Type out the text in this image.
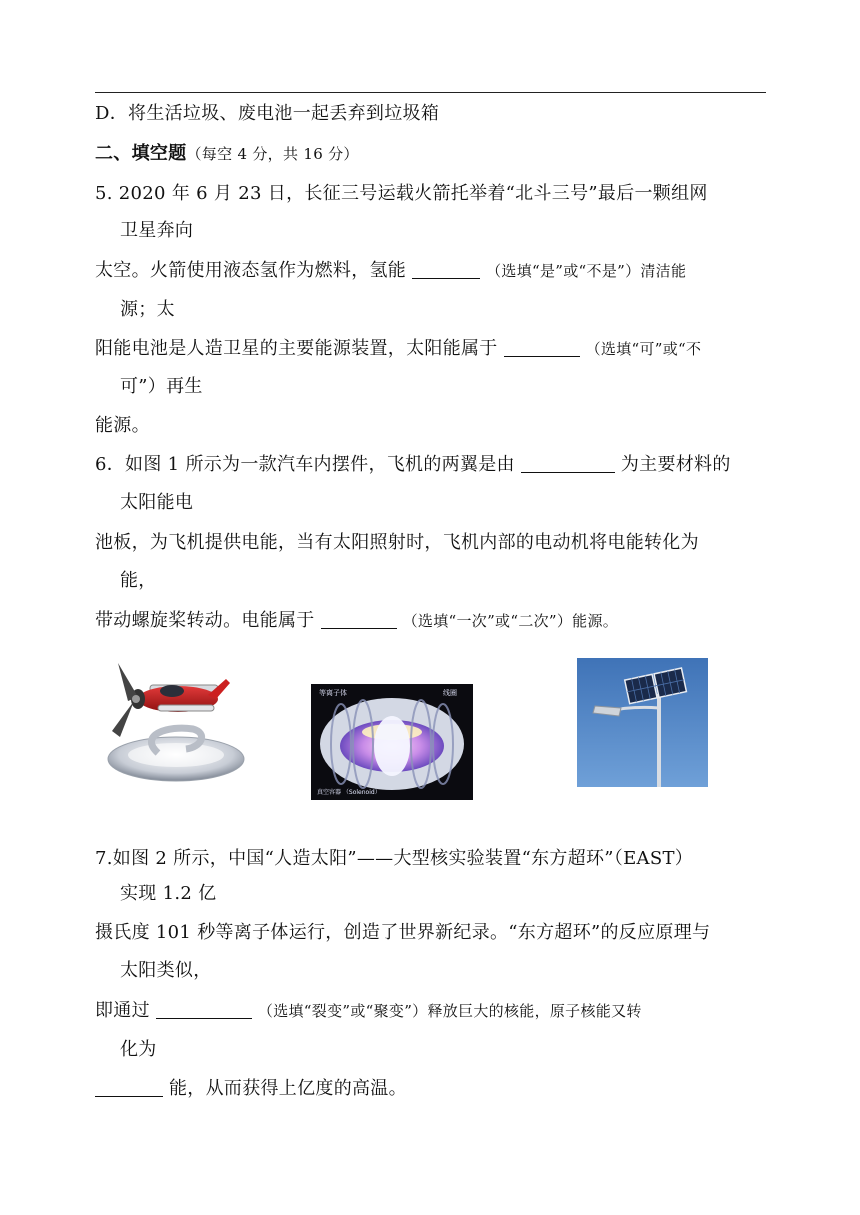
D．将生活垃圾、废电池一起丢弃到垃圾箱
二、填空题（每空 4 分，共 16 分）
5. 2020 年 6 月 23 日，长征三号运载火箭托举着“北斗三号”最后一颗组网
卫星奔向
太空。火箭使用液态氢作为燃料，氢能	（选填“是”或“不是”）清洁能
源；太
阳能电池是人造卫星的主要能源装置，太阳能属于	（选填“可”或“不
可”）再生
能源。
6．如图 1 所示为一款汽车内摆件，飞机的两翼是由	为主要材料的
太阳能电
池板，为飞机提供电能，当有太阳照射时，飞机内部的电动机将电能转化为
能，
带动螺旋桨转动。电能属于	（选填“一次”或“二次”）能源。
等离子体	线圈
真空容器 （Solenoid）
7.如图 2 所示，中国“人造太阳”——大型核实验装置“东方超环”（EAST）
实现 1.2 亿
摄氏度 101 秒等离子体运行，创造了世界新纪录。“东方超环”的反应原理与
太阳类似，
即通过	（选填“裂变”或“聚变”）释放巨大的核能，原子核能又转
化为
能，从而获得上亿度的高温。
